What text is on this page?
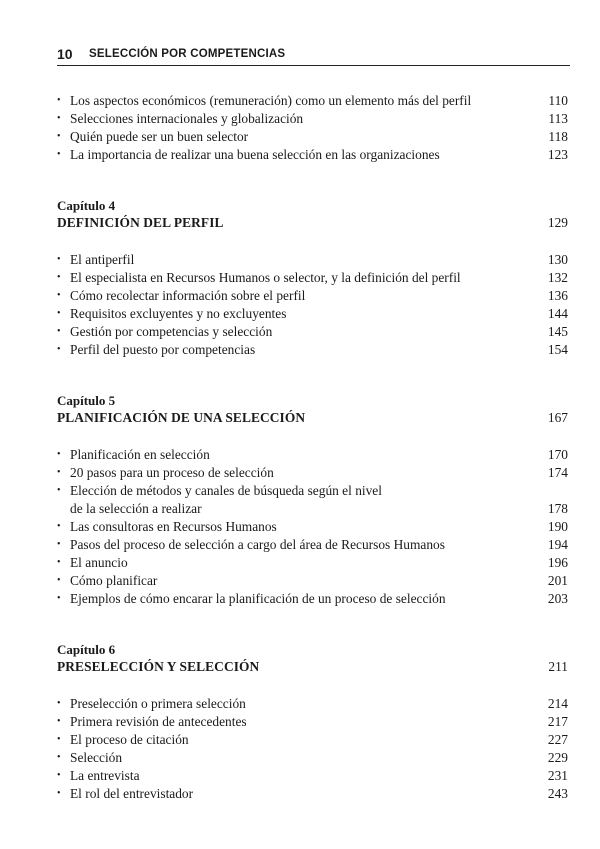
10 SELECCIÓN POR COMPETENCIAS
• Los aspectos económicos (remuneración) como un elemento más del perfil	110
• Selecciones internacionales y globalización	113
• Quién puede ser un buen selector	118
• La importancia de realizar una buena selección en las organizaciones	123
Capítulo 4
DEFINICIÓN DEL PERFIL	129
• El antiperfil	130
• El especialista en Recursos Humanos o selector, y la definición del perfil	132
• Cómo recolectar información sobre el perfil	136
• Requisitos excluyentes y no excluyentes	144
• Gestión por competencias y selección	145
• Perfil del puesto por competencias	154
Capítulo 5
PLANIFICACIÓN DE UNA SELECCIÓN	167
• Planificación en selección	170
• 20 pasos para un proceso de selección	174
• Elección de métodos y canales de búsqueda según el nivel
de la selección a realizar	178
• Las consultoras en Recursos Humanos	190
• Pasos del proceso de selección a cargo del área de Recursos Humanos	194
• El anuncio	196
• Cómo planificar	201
• Ejemplos de cómo encarar la planificación de un proceso de selección	203
Capítulo 6
PRESELECCIÓN Y SELECCIÓN	211
• Preselección o primera selección	214
• Primera revisión de antecedentes	217
• El proceso de citación	227
• Selección	229
• La entrevista	231
• El rol del entrevistador	243
